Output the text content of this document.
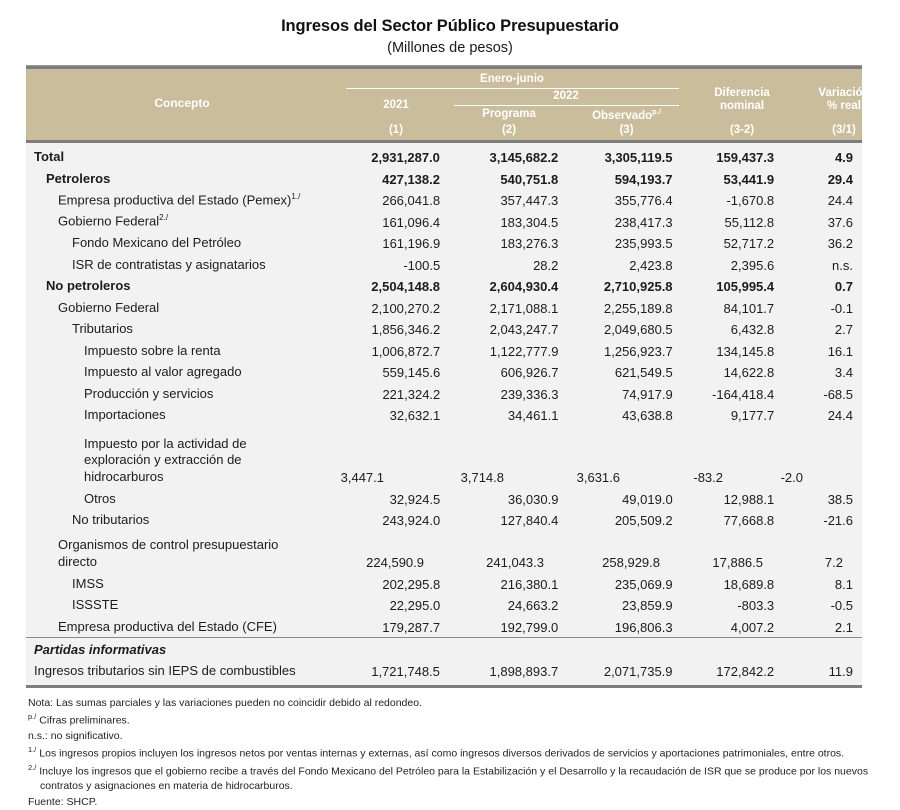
Ingresos del Sector Público Presupuestario
(Millones de pesos)
Concepto
Enero-junio
2022
2021
Programa	Observado$^{p./}$
Diferencia
nominal
Variación
% real
(1)	(2)	(3)	(3-2)	(3/1)
Total	2,931,287.0	3,145,682.2	3,305,119.5	159,437.3	4.9
Petroleros	427,138.2	540,751.8	594,193.7	53,441.9	29.4
Empresa productiva del Estado (Pemex)$^{1./}$	266,041.8	357,447.3	355,776.4	-1,670.8	24.4
Gobierno Federal$^{2./}$	161,096.4	183,304.5	238,417.3	55,112.8	37.6
Fondo Mexicano del Petróleo	161,196.9	183,276.3	235,993.5	52,717.2	36.2
ISR de contratistas y asignatarios	-100.5	28.2	2,423.8	2,395.6	n.s.
No petroleros	2,504,148.8	2,604,930.4	2,710,925.8	105,995.4	0.7
Gobierno Federal	2,100,270.2	2,171,088.1	2,255,189.8	84,101.7	-0.1
Tributarios	1,856,346.2	2,043,247.7	2,049,680.5	6,432.8	2.7
Impuesto sobre la renta	1,006,872.7	1,122,777.9	1,256,923.7	134,145.8	16.1
Impuesto al valor agregado	559,145.6	606,926.7	621,549.5	14,622.8	3.4
Producción y servicios	221,324.2	239,336.3	74,917.9	-164,418.4	-68.5
Importaciones	32,632.1	34,461.1	43,638.8	9,177.7	24.4
Impuesto por la actividad de exploración y extracción de hidrocarburos	3,447.1	3,714.8	3,631.6	-83.2	-2.0
Otros	32,924.5	36,030.9	49,019.0	12,988.1	38.5
No tributarios	243,924.0	127,840.4	205,509.2	77,668.8	-21.6
Organismos de control presupuestario directo	224,590.9	241,043.3	258,929.8	17,886.5	7.2
IMSS	202,295.8	216,380.1	235,069.9	18,689.8	8.1
ISSSTE	22,295.0	24,663.2	23,859.9	-803.3	-0.5
Empresa productiva del Estado (CFE)	179,287.7	192,799.0	196,806.3	4,007.2	2.1
Partidas informativas
Ingresos tributarios sin IEPS de combustibles	1,721,748.5	1,898,893.7	2,071,735.9	172,842.2	11.9
Nota: Las sumas parciales y las variaciones pueden no coincidir debido al redondeo.
$^{p./}$ Cifras preliminares.
n.s.: no significativo.
$^{1./}$ Los ingresos propios incluyen los ingresos netos por ventas internas y externas, así como ingresos diversos derivados de servicios y aportaciones patrimoniales, entre otros.
$^{2./}$ Incluye los ingresos que el gobierno recibe a través del Fondo Mexicano del Petróleo para la Estabilización y el Desarrollo y la recaudación de ISR que se produce por los nuevos contratos y asignaciones en materia de hidrocarburos.
Fuente: SHCP.
